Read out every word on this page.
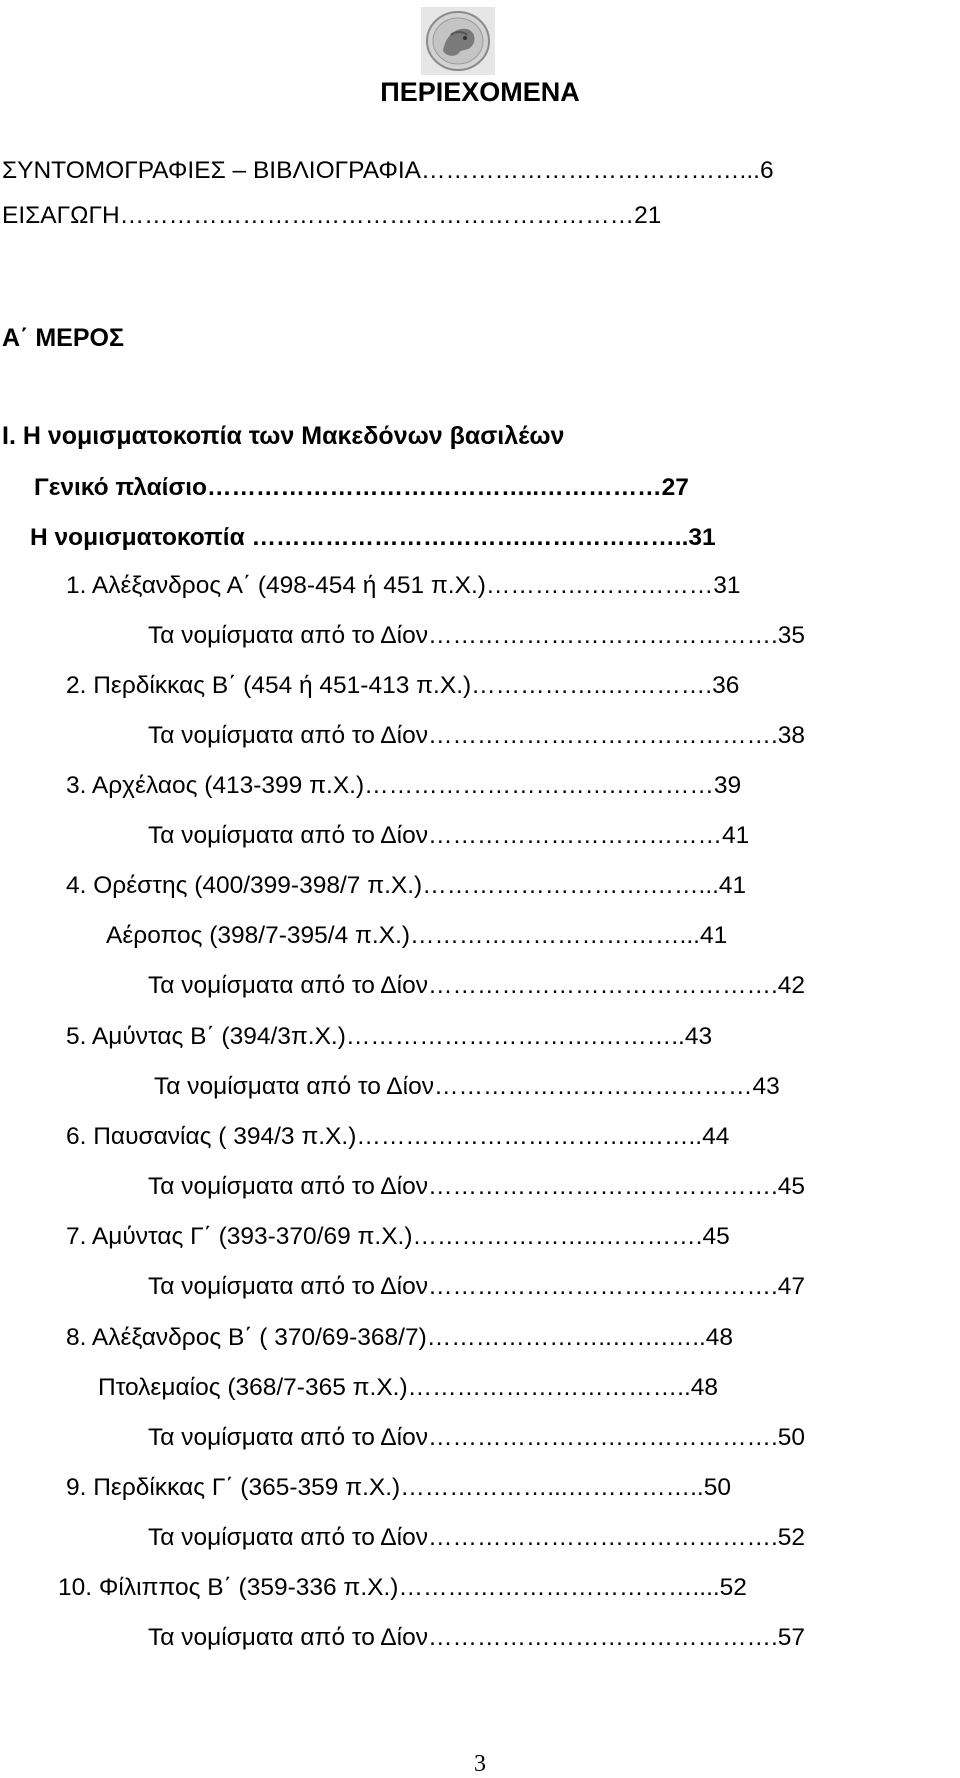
ΠΕΡΙΕΧΟΜΕΝΑ
ΣΥΝΤΟΜΟΓΡΑΦΙΕΣ – ΒΙΒΛΙΟΓΡΑΦΙΑ…………………………………...6
ΕΙΣΑΓΩΓΗ………………………………………………………21
Α΄ ΜΕΡΟΣ
Ι. Η νομισματοκοπία των Μακεδόνων βασιλέων
Γενικό πλαίσιο…………………………………..……………27
Η νομισματοκοπία …………………………….………………..31
1. Αλέξανδρος Α΄ (498-454 ή 451 π.Χ.)………….……………31
Τα νομίσματα από το Δίον…………………………………….35
2. Περδίκκας Β΄ (454 ή 451-413 π.Χ.)……………..………….36
Τα νομίσματα από το Δίον…………………………………….38
3. Αρχέλαος (413-399 π.Χ.)………………………….…………39
Τα νομίσματα από το Δίον………………………………41
4. Ορέστης (400/399-398/7 π.Χ.)……………………….……...41
Αέροπος (398/7-395/4 π.Χ.)……………………………...41
Τα νομίσματα από το Δίον…………………………………….42
5. Αμύντας Β΄ (394/3π.Χ.)………………………….………..43
Τα νομίσματα από το Δίον…………………………………43
6. Παυσανίας ( 394/3 π.Χ.)……………………………..……..44
Τα νομίσματα από το Δίον…………………………………….45
7. Αμύντας Γ΄ (393-370/69 π.Χ.)…………………..………….45
Τα νομίσματα από το Δίον…………………………………….47
8. Αλέξανδρος Β΄ ( 370/69-368/7)…………………..…….…..48
Πτολεμαίος (368/7-365 π.Χ.)……………………………..48
Τα νομίσματα από το Δίον…………………………………….50
9. Περδίκκας Γ΄ (365-359 π.Χ.)………………...……………..50
Τα νομίσματα από το Δίον…………………………………….52
10. Φίλιππος Β΄ (359-336 π.Χ.)………………………………....52
Τα νομίσματα από το Δίον…………………………………….57
3
